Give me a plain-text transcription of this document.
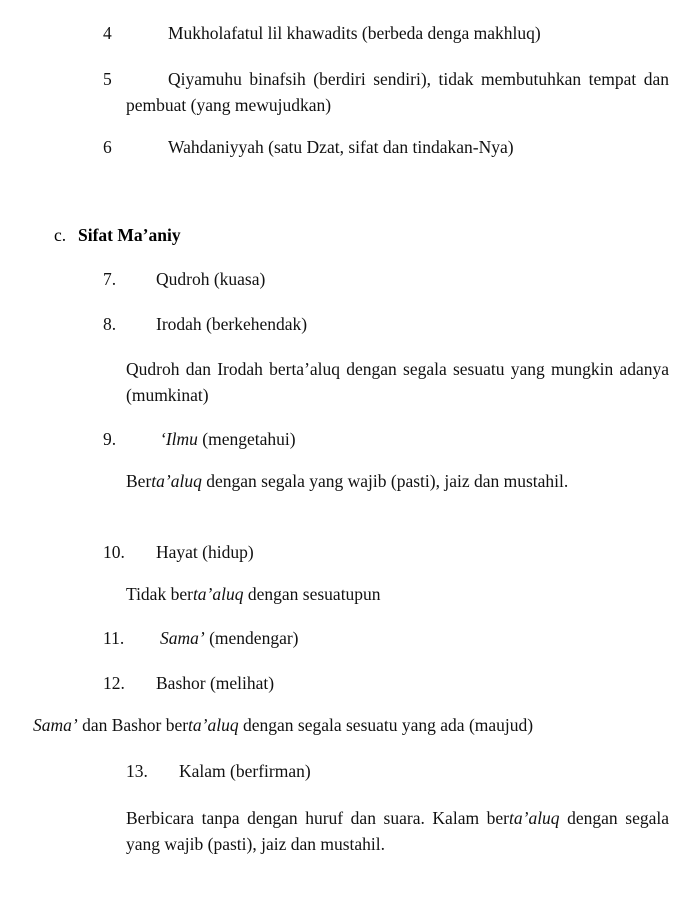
4	Mukholafatul lil khawadits (berbeda denga makhluq)
5	Qiyamuhu binafsih (berdiri sendiri), tidak membutuhkan tempat dan pembuat (yang mewujudkan)
6	Wahdaniyyah (satu Dzat, sifat dan tindakan-Nya)
c. Sifat Ma’aniy
7. Qudroh (kuasa)
8. Irodah (berkehendak)
Qudroh dan Irodah berta’aluq dengan segala sesuatu yang mungkin adanya (mumkinat)
9.	‘Ilmu (mengetahui)
Berta’aluq dengan segala yang wajib (pasti), jaiz dan mustahil.
10. Hayat (hidup)
Tidak berta’aluq dengan sesuatupun
11. Sama’ (mendengar)
12. Bashor (melihat)
Sama’ dan Bashor berta’aluq dengan segala sesuatu yang ada (maujud)
13. Kalam (berfirman)
Berbicara tanpa dengan huruf dan suara. Kalam berta’aluq dengan segala yang wajib (pasti), jaiz dan mustahil.
